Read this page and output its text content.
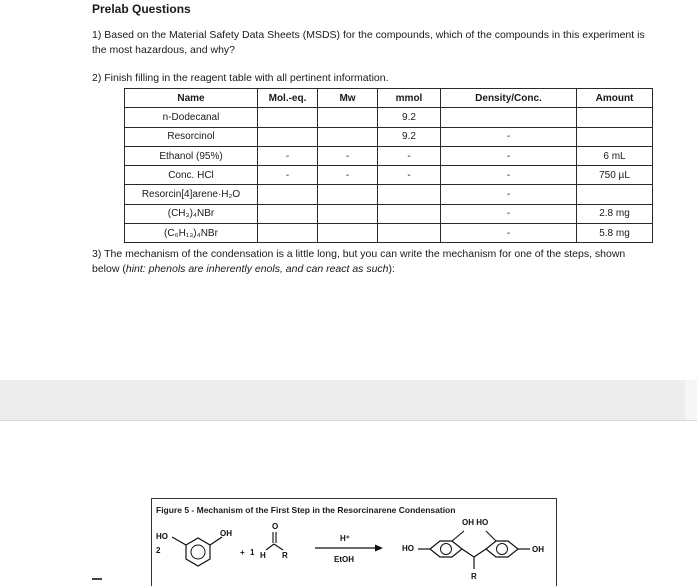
Prelab Questions
1) Based on the Material Safety Data Sheets (MSDS) for the compounds, which of the compounds in this experiment is the most hazardous, and why?
2) Finish filling in the reagent table with all pertinent information.
Name	Mol.-eq.	Mw	mmol	Density/Conc.	Amount
n-Dodecanal			9.2		
Resorcinol			9.2	-	
Ethanol (95%)	-	-	-	-	6 mL
Conc. HCl	-	-	-	-	750 µL
Resorcin[4]arene·H₂O				-	
(CH₃)₄NBr				-	2.8 mg
(C₆H₁₃)₄NBr				-	5.8 mg
3) The mechanism of the condensation is a little long, but you can write the mechanism for one of the steps, shown below (hint: phenols are inherently enols, and can react as such):
Figure 5 - Mechanism of the First Step in the Resorcinarene Condensation
HO
2
OH
+ 1
O
H R
H⁺
EtOH
OH HO
HO
R
OH
